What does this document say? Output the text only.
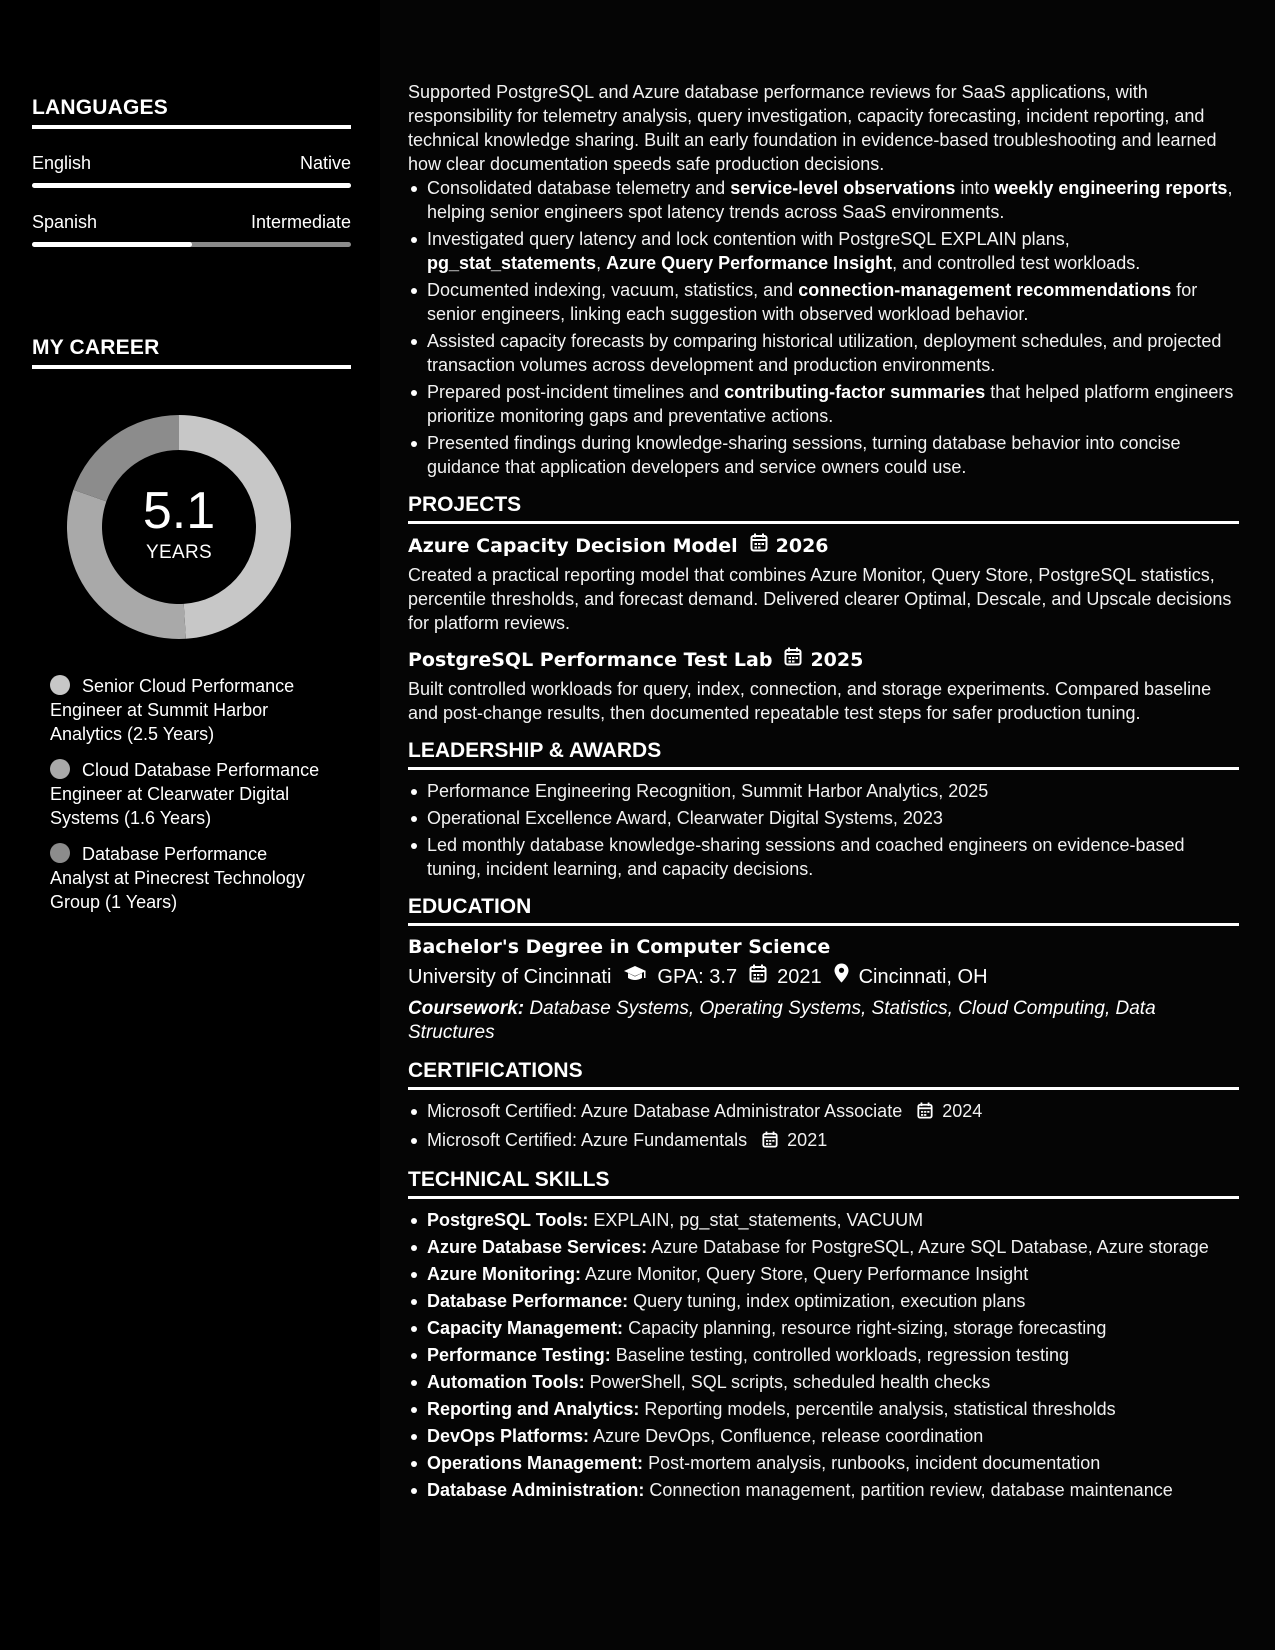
LANGUAGES
English	Native
Spanish	Intermediate
MY CAREER
5.1
YEARS
Senior Cloud Performance Engineer at Summit Harbor Analytics (2.5 Years)
Cloud Database Performance Engineer at Clearwater Digital Systems (1.6 Years)
Database Performance Analyst at Pinecrest Technology Group (1 Years)

Supported PostgreSQL and Azure database performance reviews for SaaS applications, with responsibility for telemetry analysis, query investigation, capacity forecasting, incident reporting, and technical knowledge sharing. Built an early foundation in evidence-based troubleshooting and learned how clear documentation speeds safe production decisions.

Consolidated database telemetry and service-level observations into weekly engineering reports, helping senior engineers spot latency trends across SaaS environments.
Investigated query latency and lock contention with PostgreSQL EXPLAIN plans, pg_stat_statements, Azure Query Performance Insight, and controlled test workloads.
Documented indexing, vacuum, statistics, and connection-management recommendations for senior engineers, linking each suggestion with observed workload behavior.
Assisted capacity forecasts by comparing historical utilization, deployment schedules, and projected transaction volumes across development and production environments.
Prepared post-incident timelines and contributing-factor summaries that helped platform engineers prioritize monitoring gaps and preventative actions.
Presented findings during knowledge-sharing sessions, turning database behavior into concise guidance that application developers and service owners could use.
PROJECTS
Azure Capacity Decision Model 2026

Created a practical reporting model that combines Azure Monitor, Query Store, PostgreSQL statistics, percentile thresholds, and forecast demand. Delivered clearer Optimal, Descale, and Upscale decisions for platform reviews.

PostgreSQL Performance Test Lab 2025

Built controlled workloads for query, index, connection, and storage experiments. Compared baseline and post-change results, then documented repeatable test steps for safer production tuning.

LEADERSHIP & AWARDS
Performance Engineering Recognition, Summit Harbor Analytics, 2025
Operational Excellence Award, Clearwater Digital Systems, 2023
Led monthly database knowledge-sharing sessions and coached engineers on evidence-based tuning, incident learning, and capacity decisions.
EDUCATION
Bachelor's Degree in Computer Science
University of Cincinnati GPA: 3.7 2021 Cincinnati, OH

Coursework: Database Systems, Operating Systems, Statistics, Cloud Computing, Data Structures

CERTIFICATIONS
Microsoft Certified: Azure Database Administrator Associate 2024
Microsoft Certified: Azure Fundamentals 2021
TECHNICAL SKILLS
PostgreSQL Tools: EXPLAIN, pg_stat_statements, VACUUM
Azure Database Services: Azure Database for PostgreSQL, Azure SQL Database, Azure storage
Azure Monitoring: Azure Monitor, Query Store, Query Performance Insight
Database Performance: Query tuning, index optimization, execution plans
Capacity Management: Capacity planning, resource right-sizing, storage forecasting
Performance Testing: Baseline testing, controlled workloads, regression testing
Automation Tools: PowerShell, SQL scripts, scheduled health checks
Reporting and Analytics: Reporting models, percentile analysis, statistical thresholds
DevOps Platforms: Azure DevOps, Confluence, release coordination
Operations Management: Post-mortem analysis, runbooks, incident documentation
Database Administration: Connection management, partition review, database maintenance
